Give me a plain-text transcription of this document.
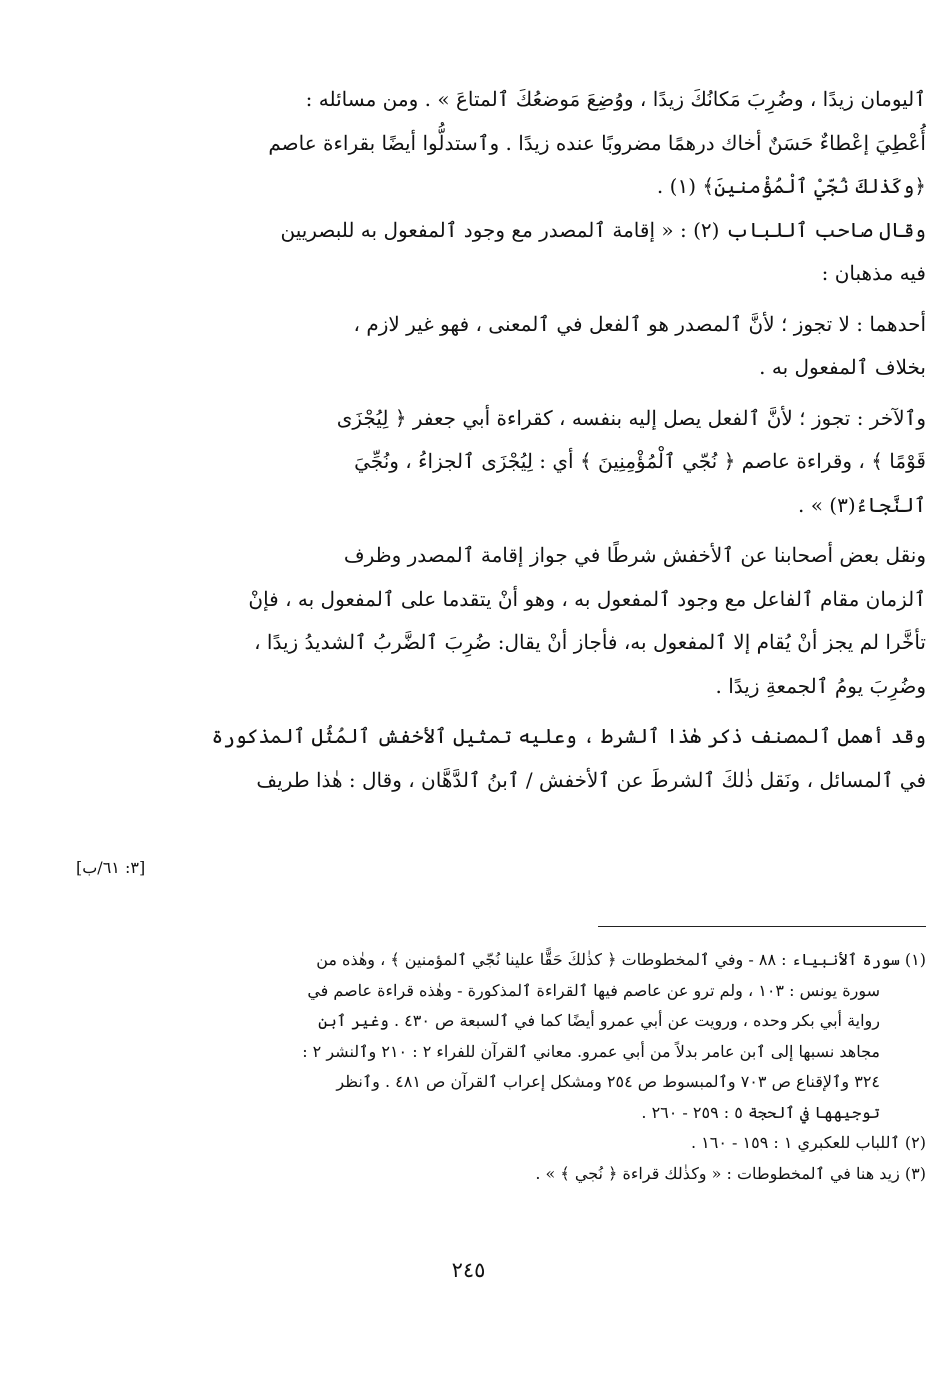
ٱليومان زيدًا ، وضُرِبَ مَكانُكَ زيدًا ، ووُضِعَ مَوضعُكَ ٱلمتاعَ » . ومن مسائله :
أُعْطِيَ إعْطاءٌ حَسَنٌ أخاك درهمًا مضروبًا عنده زيدًا . وٱستدلُّوا أيضًا بقراءة عاصم
﴿وكَذٰلكَ نُجّيْ ٱلْمُؤْمنينَ﴾ (١) .
وقال صاحب ٱللباب (٢) : « إقامة ٱلمصدر مع وجود ٱلمفعول به للبصريين
فيه مذهبان :
أحدهما : لا تجوز ؛ لأنَّ ٱلمصدر هو ٱلفعل في ٱلمعنى ، فهو غير لازم ،
بخلاف ٱلمفعول به .
وٱلآخر : تجوز ؛ لأنَّ ٱلفعل يصل إليه بنفسه ، كقراءة أبي جعفر ﴿ لِيُجْزَى
قَوْمًا ﴾ ، وقراءة عاصم ﴿ نُجّي ٱلْمُؤْمِنِينَ ﴾ أي : لِيُجْزَى ٱلجزاءُ ، ونُجِّيَ
ٱلنَّجاءُ(٣) » .
ونقل بعض أصحابنا عن ٱلأخفش شرطًا في جواز إقامة ٱلمصدر وظرف
ٱلزمان مقام ٱلفاعل مع وجود ٱلمفعول به ، وهو أنْ يتقدما على ٱلمفعول به ، فإنْ
تأخَّرا لم يجز أنْ يُقام إلا ٱلمفعول به، فأجاز أنْ يقال: ضُرِبَ ٱلضَّربُ ٱلشديدُ زيدًا ،
وضُرِبَ يومُ ٱلجمعةِ زيدًا .
وقد أهمل ٱلمصنف ذكر هٰذا ٱلشرط ، وعليه تمثيل ٱلأخفش ٱلمُثُل ٱلمذكورة
في ٱلمسائل ، ونَقل ذٰلكَ ٱلشرطَ عن ٱلأخفش / ٱبنُ ٱلدَّهَّان ، وقال : هٰذا طريف
[٣: ٦١/ب]
(١) سورة ٱلأنبياء : ٨٨ - وفي ٱلمخطوطات ﴿ كذٰلكَ حَقًّا علينا نُجّي ٱلمؤمنين ﴾ ، وهٰذه من
سورة يونس : ١٠٣ ، ولم ترو عن عاصم فيها ٱلقراءة ٱلمذكورة - وهٰذه قراءة عاصم في
رواية أبي بكر وحده ، ورويت عن أبي عمرو أيضًا كما في ٱلسبعة ص ٤٣٠ . وغير ٱبن
مجاهد نسبها إلى ٱبن عامر بدلاً من أبي عمرو. معاني ٱلقرآن للفراء ٢ : ٢١٠ وٱلنشر ٢ :
٣٢٤ وٱلإقناع ص ٧٠٣ وٱلمبسوط ص ٢٥٤ ومشكل إعراب ٱلقرآن ص ٤٨١ . وٱنظر
توجيهها في ٱلحجة ٥ : ٢٥٩ - ٢٦٠ .
(٢) ٱللباب للعكبري ١ : ١٥٩ - ١٦٠ .
(٣) زيد هنا في ٱلمخطوطات : « وكذٰلك قراءة ﴿ نُجي ﴾ » .
٢٤٥
